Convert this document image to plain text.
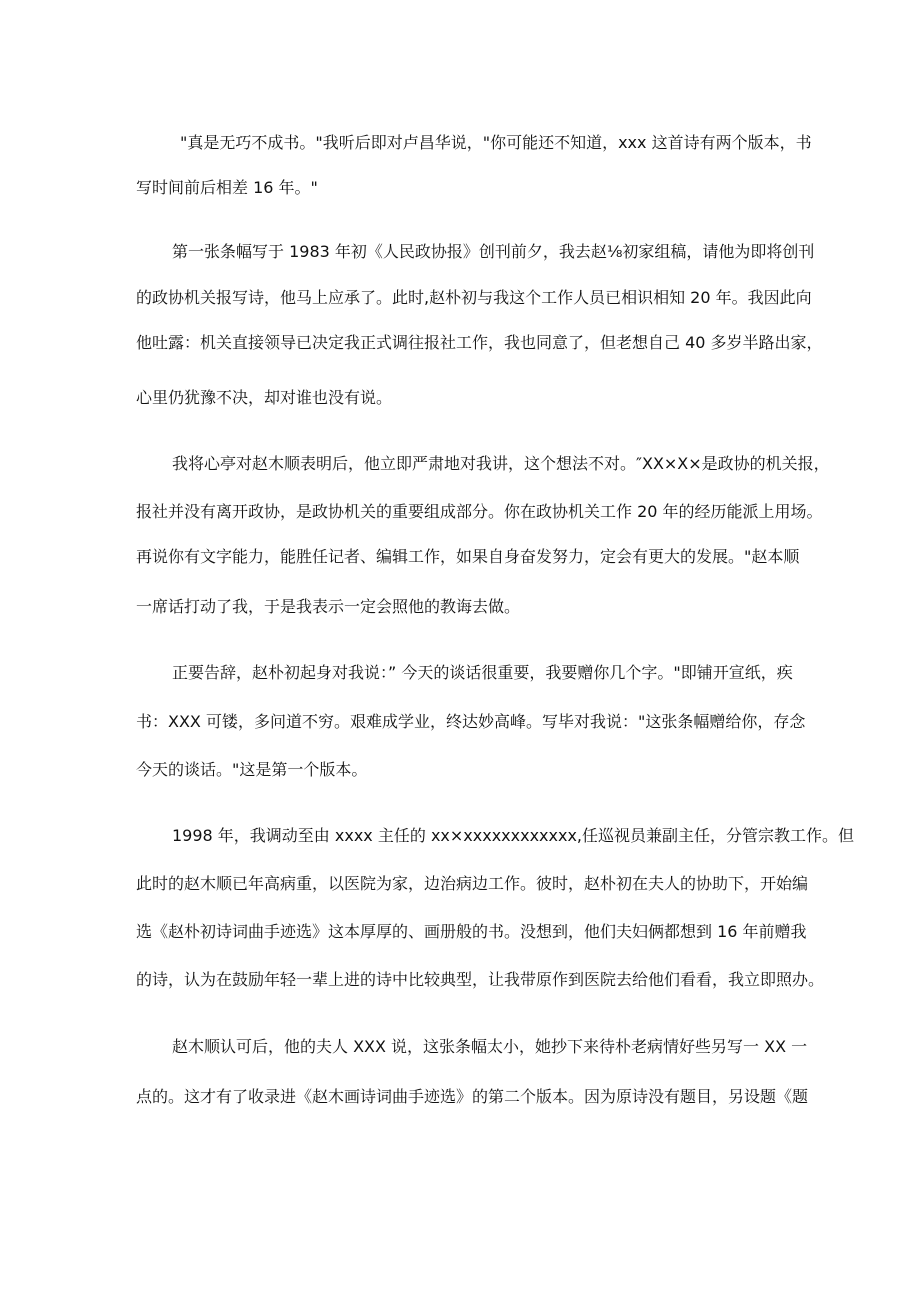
"真是无巧不成书。"我听后即对卢昌华说，"你可能还不知道，xxx 这首诗有两个版本，书
写时间前后相差 16 年。"
第一张条幅写于 1983 年初《人民政协报》创刊前夕，我去赵⅛初家组稿，请他为即将创刊
的政协机关报写诗，他马上应承了。此时,赵朴初与我这个工作人员已相识相知 20 年。我因此向
他吐露：机关直接领导已决定我正式调往报社工作，我也同意了，但老想自己 40 多岁半路出家，
心里仍犹豫不决，却对谁也没有说。
我将心亭对赵木顺表明后，他立即严肃地对我讲，这个想法不对。″XX×X×是政协的机关报，
报社并没有离开政协，是政协机关的重要组成部分。你在政协机关工作 20 年的经历能派上用场。
再说你有文字能力，能胜任记者、编辑工作，如果自身奋发努力，定会有更大的发展。"赵本顺
一席话打动了我，于是我表示一定会照他的教诲去做。
正要告辞，赵朴初起身对我说：” 今天的谈话很重要，我要赠你几个字。"即铺开宣纸，疾
书：XXX 可镂，多问道不穷。艰难成学业，终达妙高峰。写毕对我说："这张条幅赠给你，存念
今天的谈话。"这是第一个版本。
1998 年，我调动至由 xxxx 主任的 xx×xxxxxxxxxxxx,任巡视员兼副主任，分管宗教工作。但
此时的赵木顺已年高病重，以医院为家，边治病边工作。彼时，赵朴初在夫人的协助下，开始编
选《赵朴初诗词曲手迹选》这本厚厚的、画册般的书。没想到，他们夫妇俩都想到 16 年前赠我
的诗，认为在鼓励年轻一辈上进的诗中比较典型，让我带原作到医院去给他们看看，我立即照办。
赵木顺认可后，他的夫人 XXX 说，这张条幅太小，她抄下来待朴老病情好些另写一 XX 一
点的。这才有了收录进《赵木画诗词曲手迹选》的第二个版本。因为原诗没有题目，另设题《题
